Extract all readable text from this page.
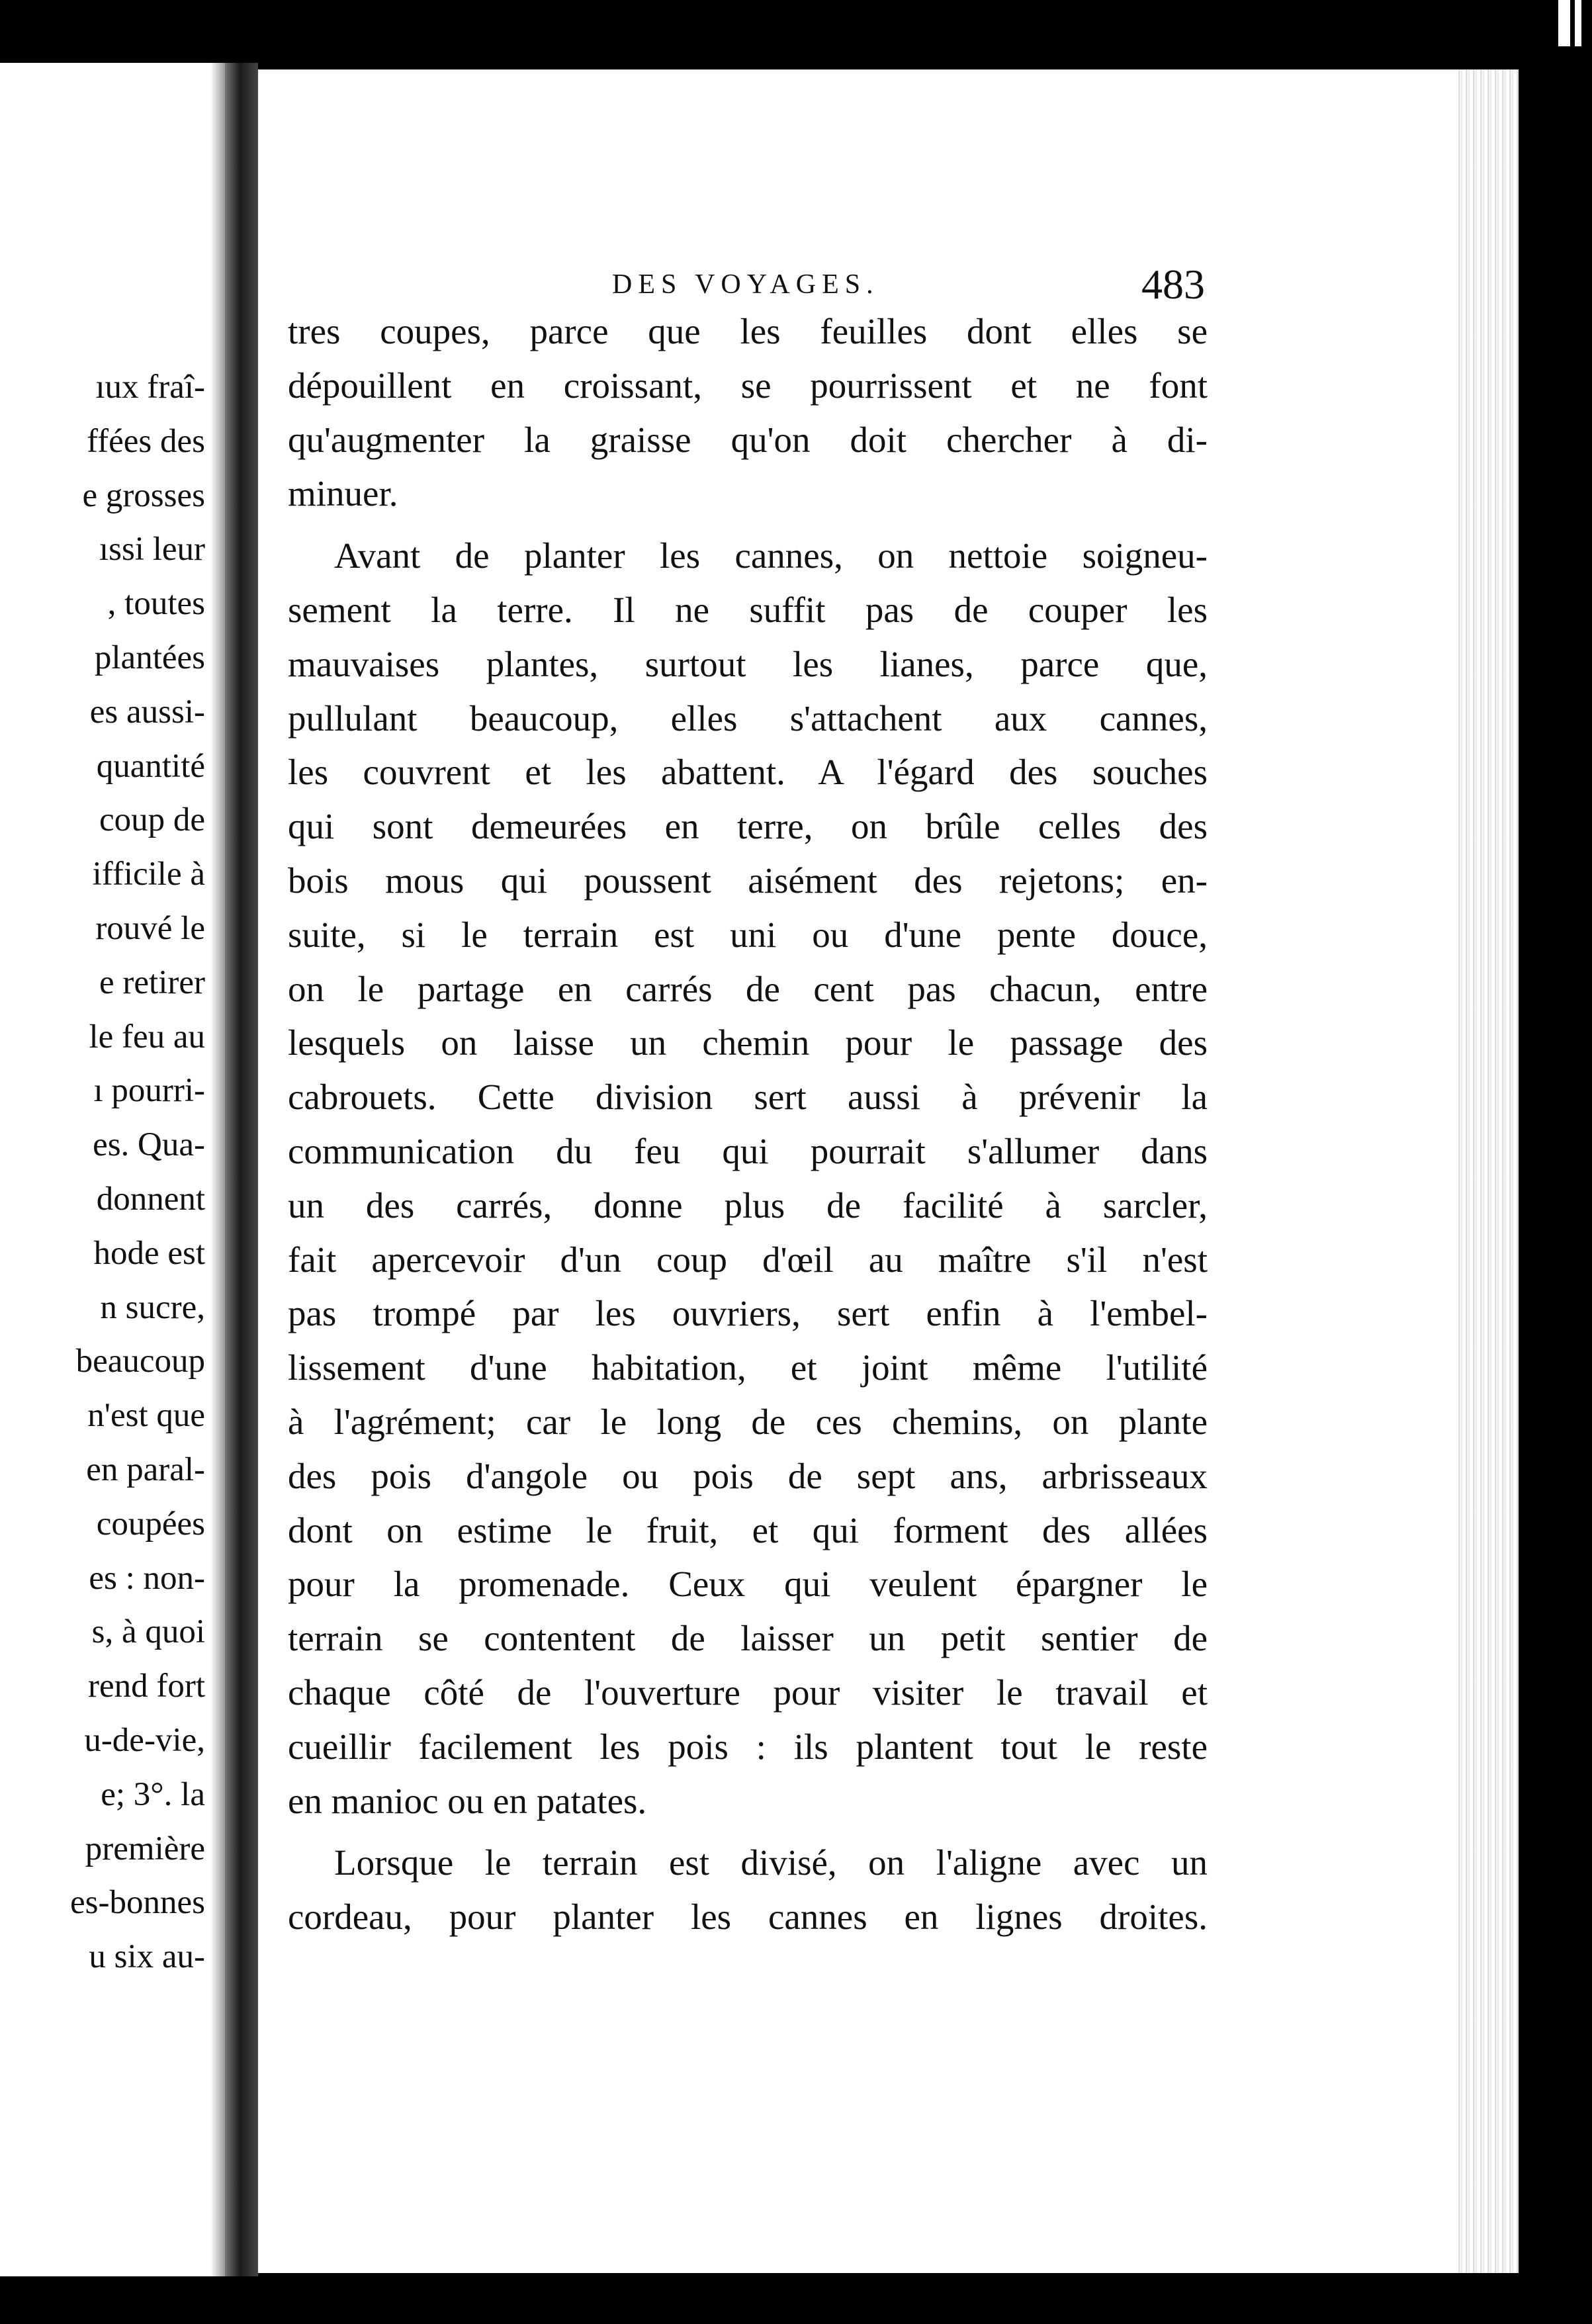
ıux fraî-
ffées des
e grosses
ıssi leur
, toutes
plantées
es aussi-
quantité
coup de
ifficile à
rouvé le
e retirer
le feu au
ı pourri-
es. Qua-
donnent
hode est
n sucre,
beaucoup
n'est que
en paral-
coupées
es : non-
s, à quoi
rend fort
u-de-vie,
e; 3°. la
première
es-bonnes
u six au-
DES VOYAGES.	483
tres coupes, parce que les feuilles dont elles se
dépouillent en croissant, se pourrissent et ne font
qu'augmenter la graisse qu'on doit chercher à di-
minuer.
Avant de planter les cannes, on nettoie soigneu-
sement la terre. Il ne suffit pas de couper les
mauvaises plantes, surtout les lianes, parce que,
pullulant beaucoup, elles s'attachent aux cannes,
les couvrent et les abattent. A l'égard des souches
qui sont demeurées en terre, on brûle celles des
bois mous qui poussent aisément des rejetons; en-
suite, si le terrain est uni ou d'une pente douce,
on le partage en carrés de cent pas chacun, entre
lesquels on laisse un chemin pour le passage des
cabrouets. Cette division sert aussi à prévenir la
communication du feu qui pourrait s'allumer dans
un des carrés, donne plus de facilité à sarcler,
fait apercevoir d'un coup d'œil au maître s'il n'est
pas trompé par les ouvriers, sert enfin à l'embel-
lissement d'une habitation, et joint même l'utilité
à l'agrément; car le long de ces chemins, on plante
des pois d'angole ou pois de sept ans, arbrisseaux
dont on estime le fruit, et qui forment des allées
pour la promenade. Ceux qui veulent épargner le
terrain se contentent de laisser un petit sentier de
chaque côté de l'ouverture pour visiter le travail et
cueillir facilement les pois : ils plantent tout le reste
en manioc ou en patates.
Lorsque le terrain est divisé, on l'aligne avec un
cordeau, pour planter les cannes en lignes droites.
